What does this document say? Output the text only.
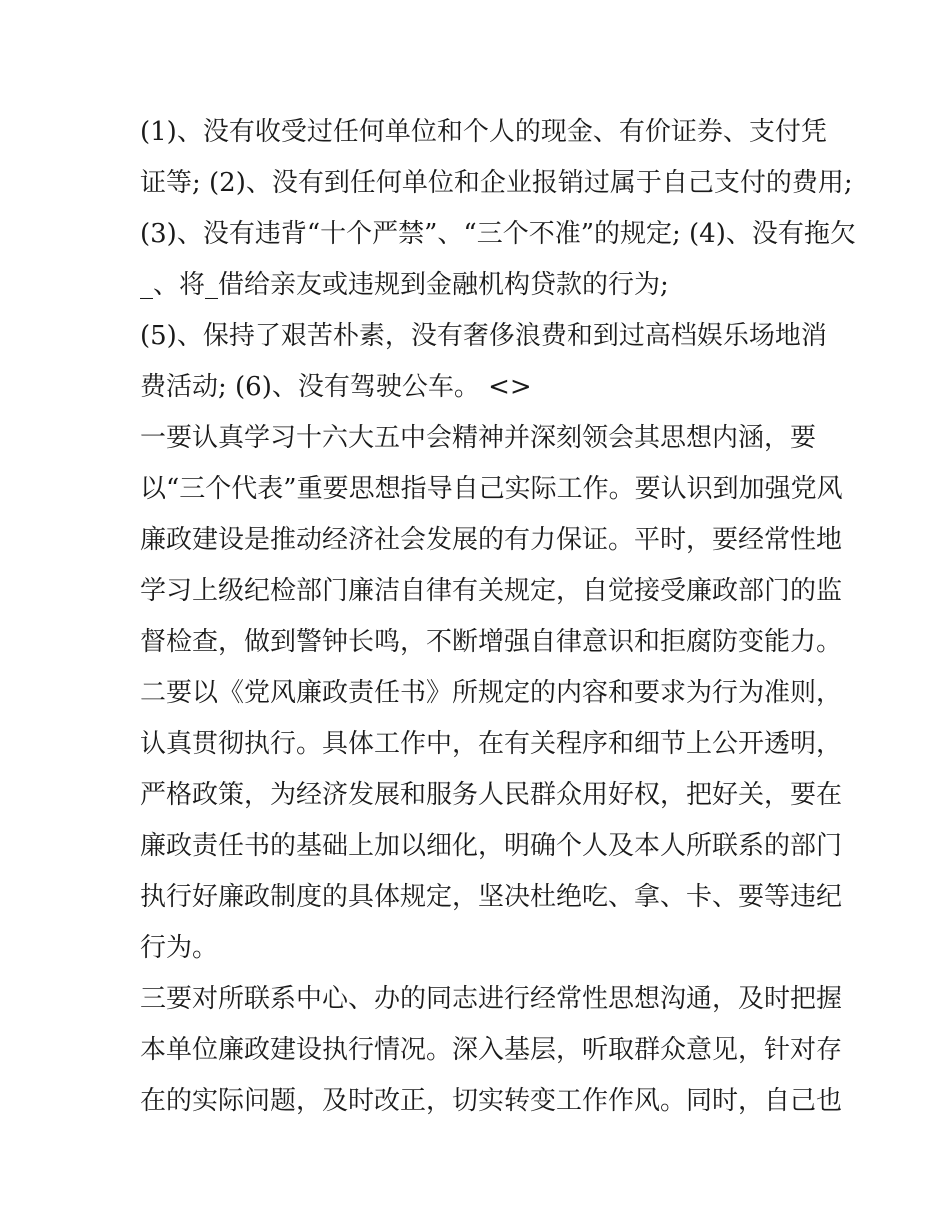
(1)、没有收受过任何单位和个人的现金、有价证券、支付凭
证等; (2)、没有到任何单位和企业报销过属于自己支付的费用;
(3)、没有违背“十个严禁”、“三个不准”的规定; (4)、没有拖欠
_、将_借给亲友或违规到金融机构贷款的行为;
(5)、保持了艰苦朴素，没有奢侈浪费和到过高档娱乐场地消
费活动; (6)、没有驾驶公车。 <>
一要认真学习十六大五中会精神并深刻领会其思想内涵，要
以“三个代表”重要思想指导自己实际工作。要认识到加强党风
廉政建设是推动经济社会发展的有力保证。平时，要经常性地
学习上级纪检部门廉洁自律有关规定，自觉接受廉政部门的监
督检查，做到警钟长鸣，不断增强自律意识和拒腐防变能力。
二要以《党风廉政责任书》所规定的内容和要求为行为准则，
认真贯彻执行。具体工作中，在有关程序和细节上公开透明，
严格政策，为经济发展和服务人民群众用好权，把好关，要在
廉政责任书的基础上加以细化，明确个人及本人所联系的部门
执行好廉政制度的具体规定，坚决杜绝吃、拿、卡、要等违纪
行为。
三要对所联系中心、办的同志进行经常性思想沟通，及时把握
本单位廉政建设执行情况。深入基层，听取群众意见，针对存
在的实际问题，及时改正，切实转变工作作风。同时，自己也
